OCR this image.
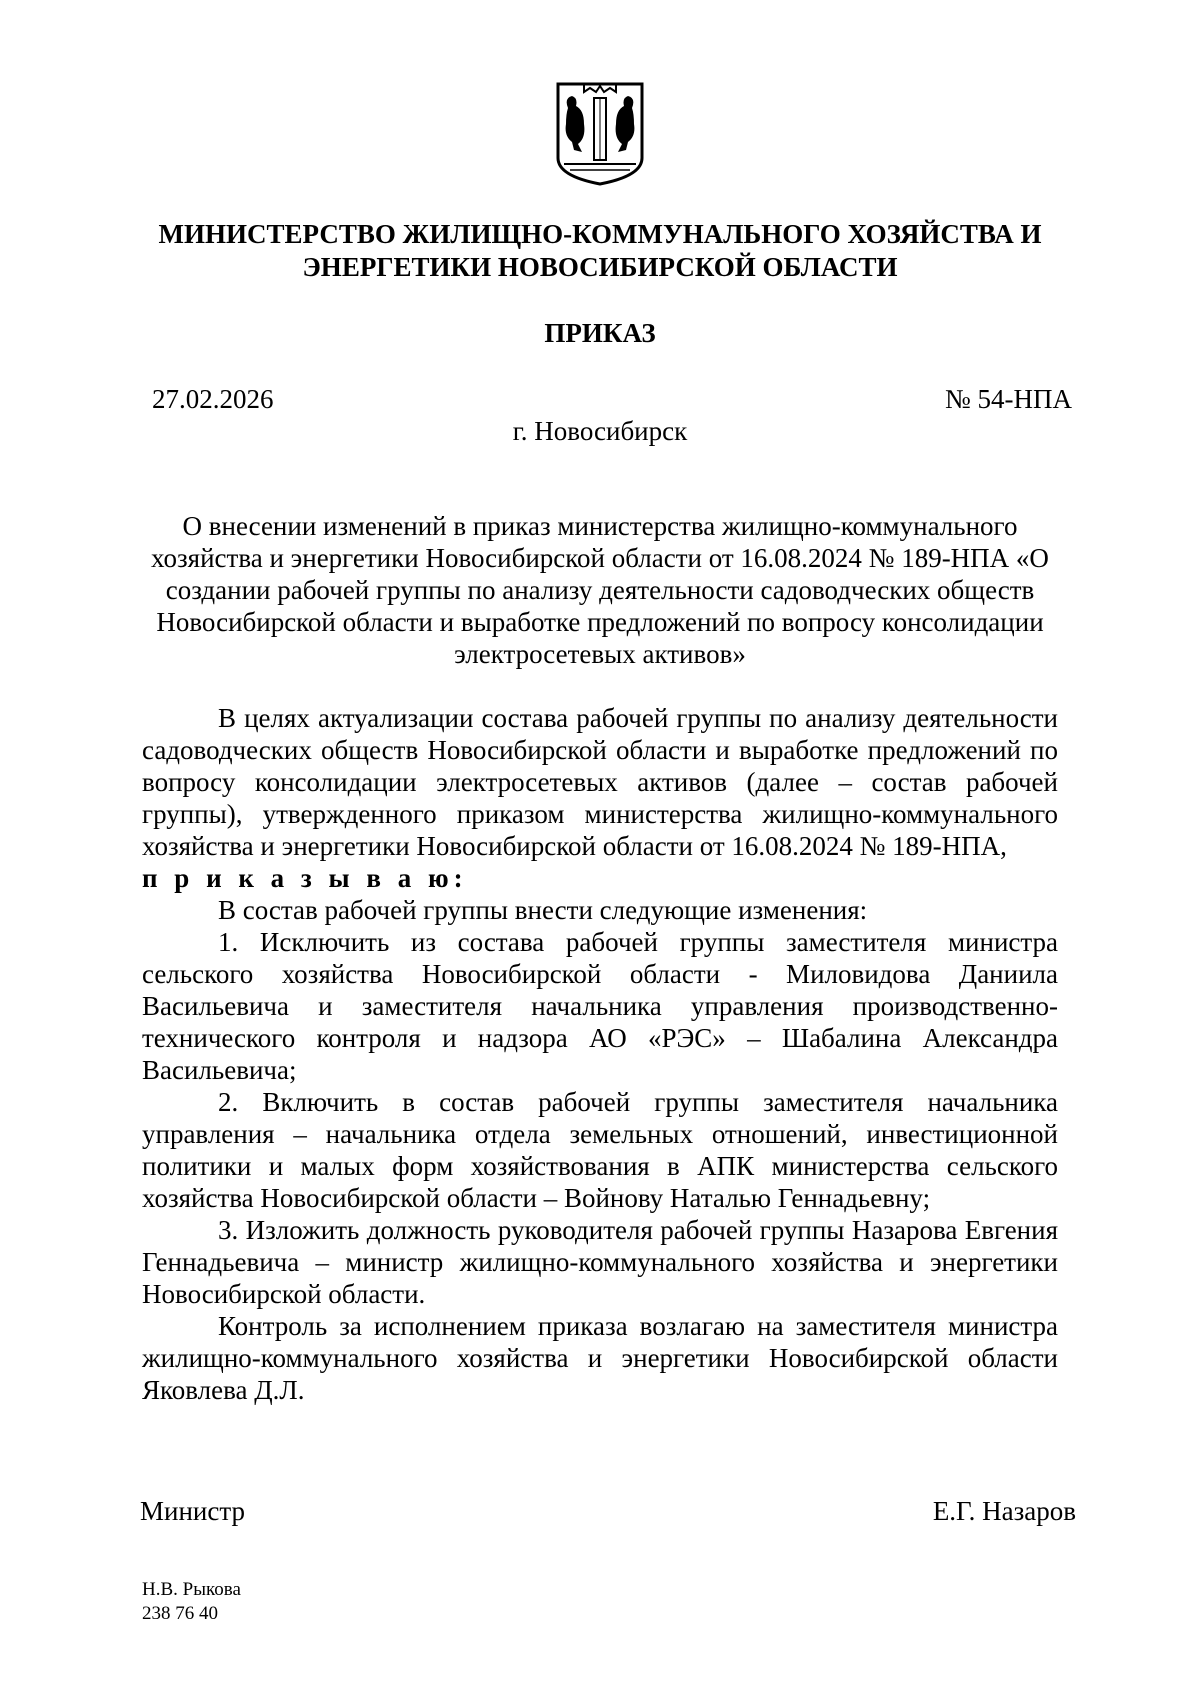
МИНИСТЕРСТВО ЖИЛИЩНО-КОММУНАЛЬНОГО ХОЗЯЙСТВА И
ЭНЕРГЕТИКИ НОВОСИБИРСКОЙ ОБЛАСТИ
ПРИКАЗ
27.02.2026	№ 54-НПА
г. Новосибирск
О внесении изменений в приказ министерства жилищно-коммунального хозяйства и энергетики Новосибирской области от 16.08.2024 № 189-НПА «О создании рабочей группы по анализу деятельности садоводческих обществ Новосибирской области и выработке предложений по вопросу консолидации электросетевых активов»

В целях актуализации состава рабочей группы по анализу деятельности садоводческих обществ Новосибирской области и выработке предложений по вопросу консолидации электросетевых активов (далее – состав рабочей группы), утвержденного приказом министерства жилищно-коммунального хозяйства и энергетики Новосибирской области от 16.08.2024 № 189-НПА,
п р и к а з ы в а ю:

В состав рабочей группы внести следующие изменения:

1. Исключить из состава рабочей группы заместителя министра сельского хозяйства Новосибирской области - Миловидова Даниила Васильевича и заместителя начальника управления производственно-технического контроля и надзора АО «РЭС» – Шабалина Александра Васильевича;

2. Включить в состав рабочей группы заместителя начальника управления – начальника отдела земельных отношений, инвестиционной политики и малых форм хозяйствования в АПК министерства сельского хозяйства Новосибирской области – Войнову Наталью Геннадьевну;

3. Изложить должность руководителя рабочей группы Назарова Евгения Геннадьевича – министр жилищно-коммунального хозяйства и энергетики Новосибирской области.

Контроль за исполнением приказа возлагаю на заместителя министра жилищно-коммунального хозяйства и энергетики Новосибирской области Яковлева Д.Л.

Министр	Е.Г. Назаров
Н.В. Рыкова
238 76 40
